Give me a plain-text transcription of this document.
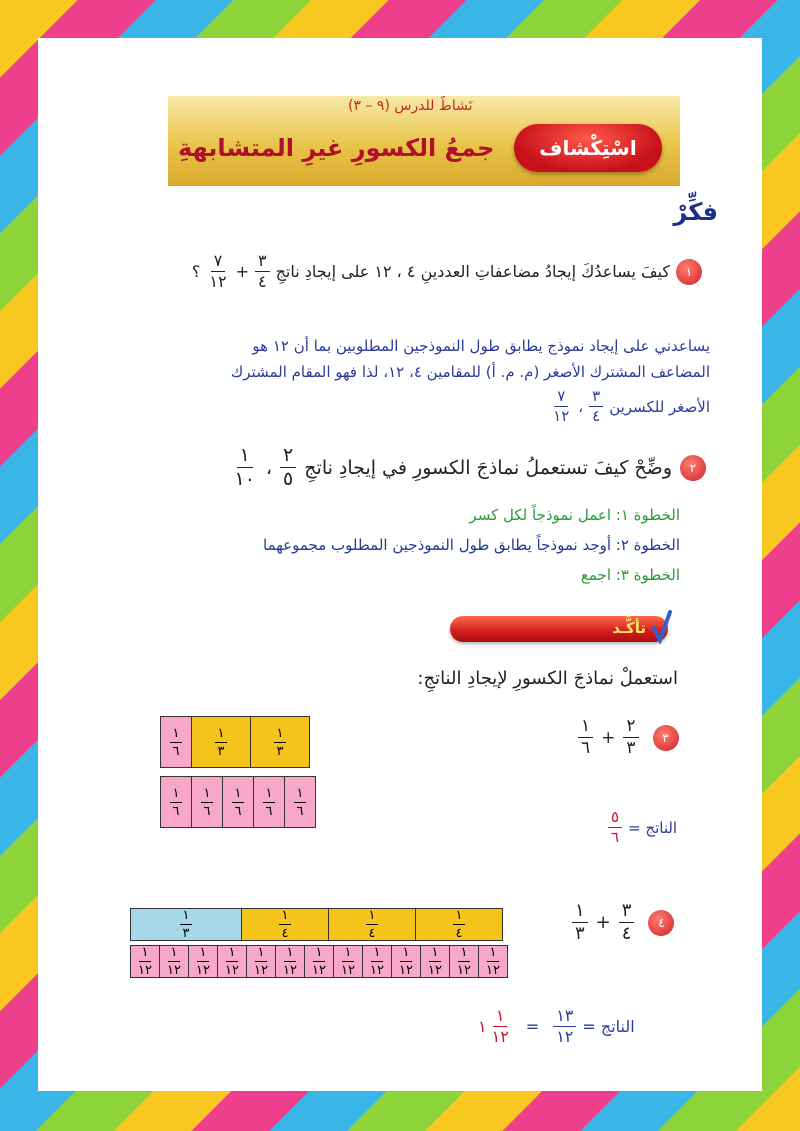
نَشاطٌ للدرس (٩ – ٣)
جمعُ الكسورِ غيرِ المتشابهةِ اسْتِكْشاف
فكِّرْ
١
كيفَ يساعدُكَ إيجادُ مضاعفاتِ العددينِ ٤ ، ١٢ على إيجادِ ناتجِ
$\frac{٣}{٤}$
+
$\frac{٧}{١٢}$
؟
يساعدني على إيجاد نموذج يطابق طول النموذجين المطلوبين بما أن ١٢ هو
المضاعف المشترك الأصغر (م. م. أ) للمقامين ٤، ١٢، لذا فهو المقام المشترك
الأصغر للكسرين
$\frac{٣}{٤}$
،
$\frac{٧}{١٢}$
٢
وضِّحْ كيفَ تستعملُ نماذجَ الكسورِ في إيجادِ ناتجِ
$\frac{٢}{٥}$
،
$\frac{١}{١٠}$
الخطوة ١: اعمل نموذجاً لكل كسر
الخطوة ٢: أوجد نموذجاً يطابق طول النموذجين المطلوب مجموعهما
الخطوة ٣: اجمع
تأكَّـد
استعملْ نماذجَ الكسورِ لإيجادِ الناتجِ:
$\frac{١}{٦}$	$\frac{١}{٣}$	$\frac{١}{٣}$
$\frac{١}{٦}$	$\frac{١}{٦}$	$\frac{١}{٦}$	$\frac{١}{٦}$	$\frac{١}{٦}$
$\frac{١}{٦} + \frac{٢}{٣}$	٣
$\frac{٥}{٦}$ الناتج =
$\frac{١}{٣}$	$\frac{١}{٤}$	$\frac{١}{٤}$	$\frac{١}{٤}$
$\frac{١}{١٢}$	$\frac{١}{١٢}$	$\frac{١}{١٢}$	$\frac{١}{١٢}$	$\frac{١}{١٢}$	$\frac{١}{١٢}$	$\frac{١}{١٢}$	$\frac{١}{١٢}$	$\frac{١}{١٢}$	$\frac{١}{١٢}$	$\frac{١}{١٢}$	$\frac{١}{١٢}$	$\frac{١}{١٢}$
$\frac{١}{٣} + \frac{٣}{٤}$	٤
١ $\frac{١}{١٢} = \frac{١٣}{١٢}$ الناتج =
